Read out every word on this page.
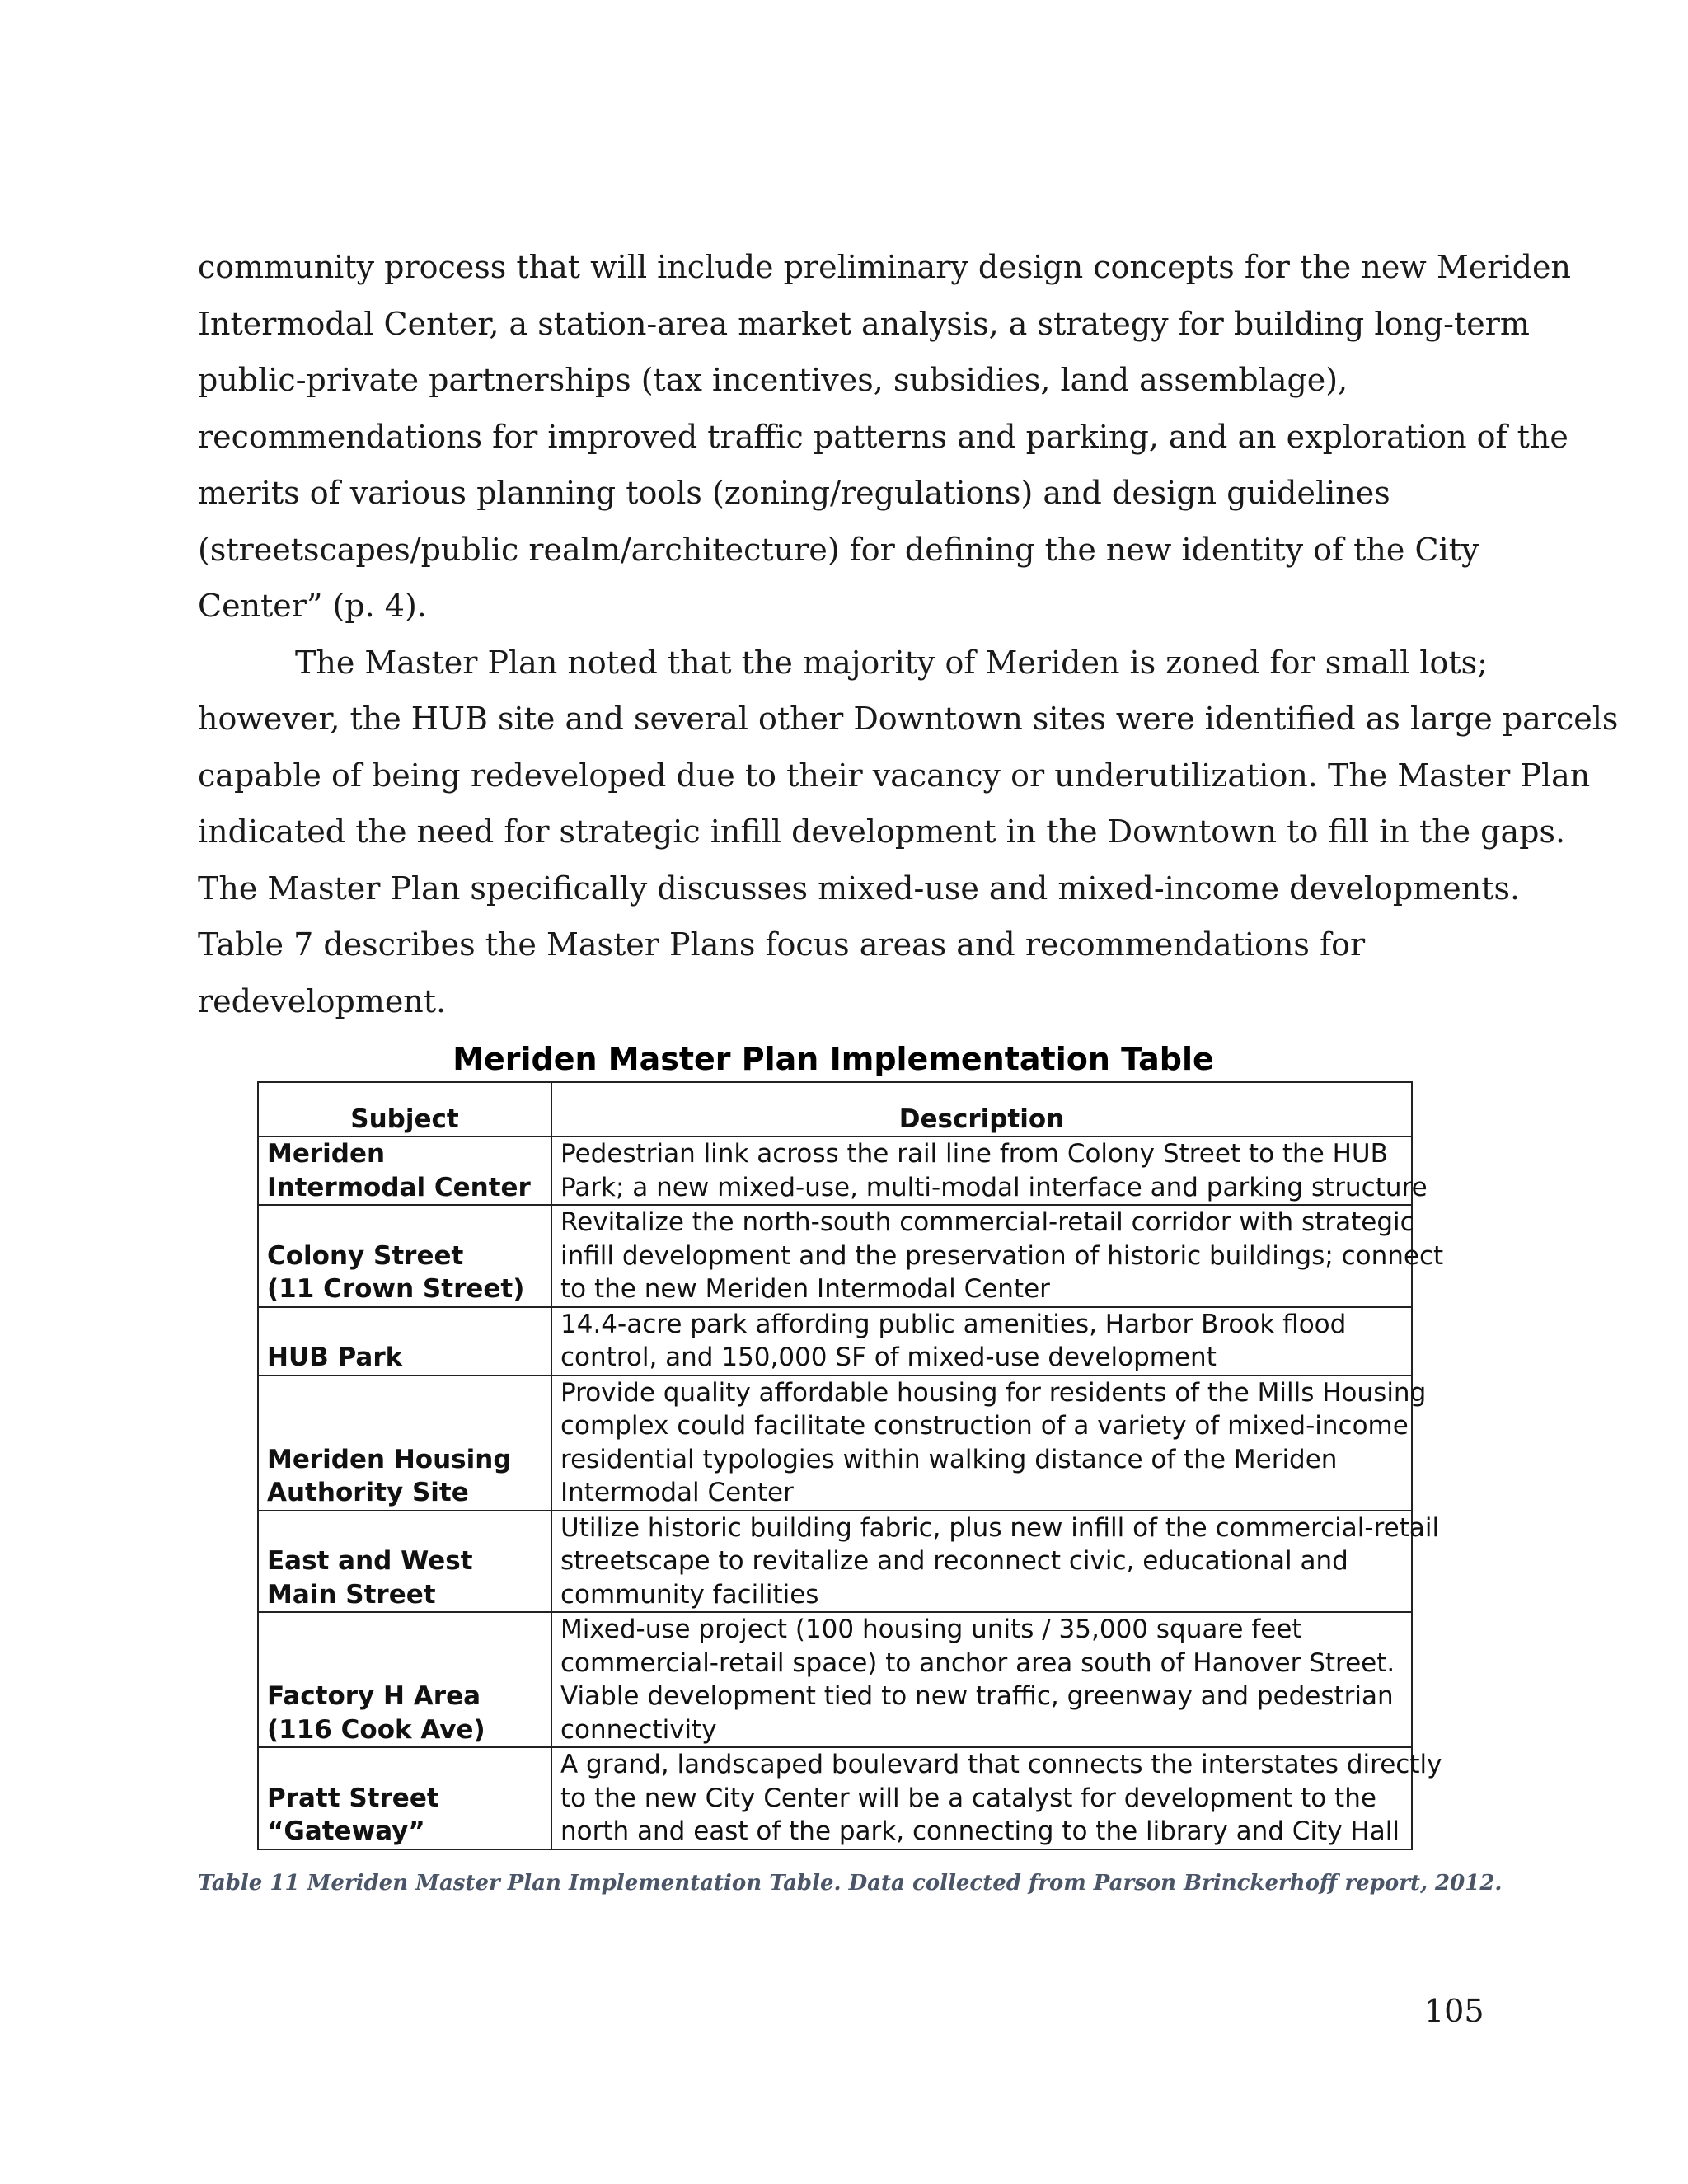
community process that will include preliminary design concepts for the new Meriden
Intermodal Center, a station-area market analysis, a strategy for building long-term
public-private partnerships (tax incentives, subsidies, land assemblage),
recommendations for improved traffic patterns and parking, and an exploration of the
merits of various planning tools (zoning/regulations) and design guidelines
(streetscapes/public realm/architecture) for defining the new identity of the City
Center” (p. 4).
The Master Plan noted that the majority of Meriden is zoned for small lots;
however, the HUB site and several other Downtown sites were identified as large parcels
capable of being redeveloped due to their vacancy or underutilization. The Master Plan
indicated the need for strategic infill development in the Downtown to fill in the gaps.
The Master Plan specifically discusses mixed-use and mixed-income developments.
Table 7 describes the Master Plans focus areas and recommendations for
redevelopment.
Meriden Master Plan Implementation Table
Subject	Description

Meriden
Intermodal Center	Pedestrian link across the rail line from Colony Street to the HUB
Park; a new mixed-use, multi-modal interface and parking structure

Colony Street
(11 Crown Street)	Revitalize the north-south commercial-retail corridor with strategic
infill development and the preservation of historic buildings; connect
to the new Meriden Intermodal Center

HUB Park	14.4-acre park affording public amenities, Harbor Brook flood
control, and 150,000 SF of mixed-use development

Meriden Housing
Authority Site	Provide quality affordable housing for residents of the Mills Housing
complex could facilitate construction of a variety of mixed-income
residential typologies within walking distance of the Meriden
Intermodal Center

East and West
Main Street	Utilize historic building fabric, plus new infill of the commercial-retail
streetscape to revitalize and reconnect civic, educational and
community facilities

Factory H Area
(116 Cook Ave)	Mixed-use project (100 housing units / 35,000 square feet
commercial-retail space) to anchor area south of Hanover Street.
Viable development tied to new traffic, greenway and pedestrian
connectivity

Pratt Street
“Gateway”	A grand, landscaped boulevard that connects the interstates directly
to the new City Center will be a catalyst for development to the
north and east of the park, connecting to the library and City Hall
Table 11 Meriden Master Plan Implementation Table. Data collected from Parson Brinckerhoff report, 2012.
105
